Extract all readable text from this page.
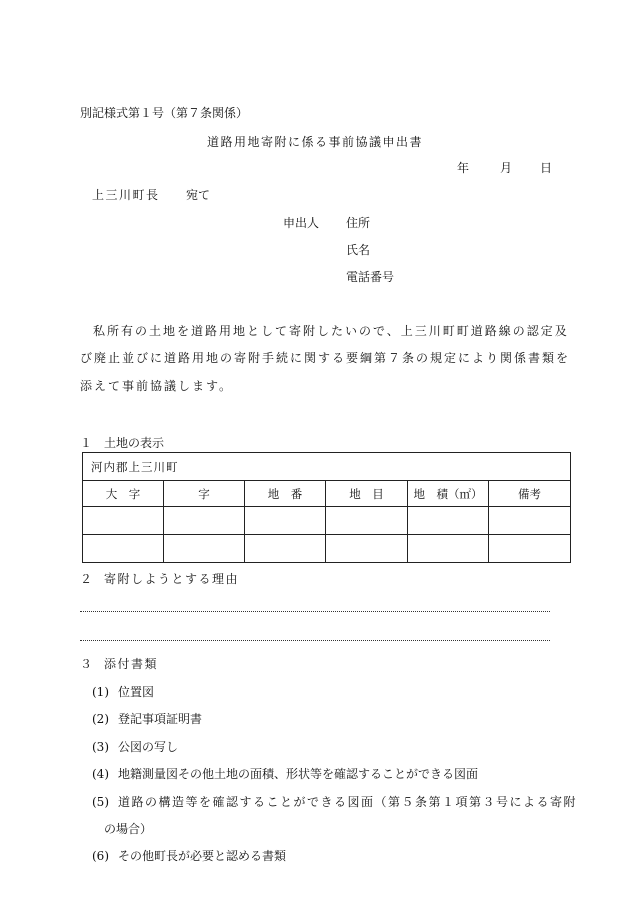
別記様式第１号（第７条関係）
道路用地寄附に係る事前協議申出書
年	月 日
上三川町長 宛て
申出人 住所
氏名
電話番号
私所有の土地を道路用地として寄附したいので、上三川町町道路線の認定及
び廃止並びに道路用地の寄附手続に関する要綱第７条の規定により関係書類を
添えて事前協議します。
１ 土地の表示
河内郡上三川町					
大　字	字	地　番	地　目	地　積（㎡）	備考

２ 寄附しようとする理由
３ 添付書類
(1) 位置図
(2) 登記事項証明書
(3) 公図の写し
(4) 地籍測量図その他土地の面積、形状等を確認することができる図面
(5) 道路の構造等を確認することができる図面（第５条第１項第３号による寄附
の場合）
(6) その他町長が必要と認める書類
